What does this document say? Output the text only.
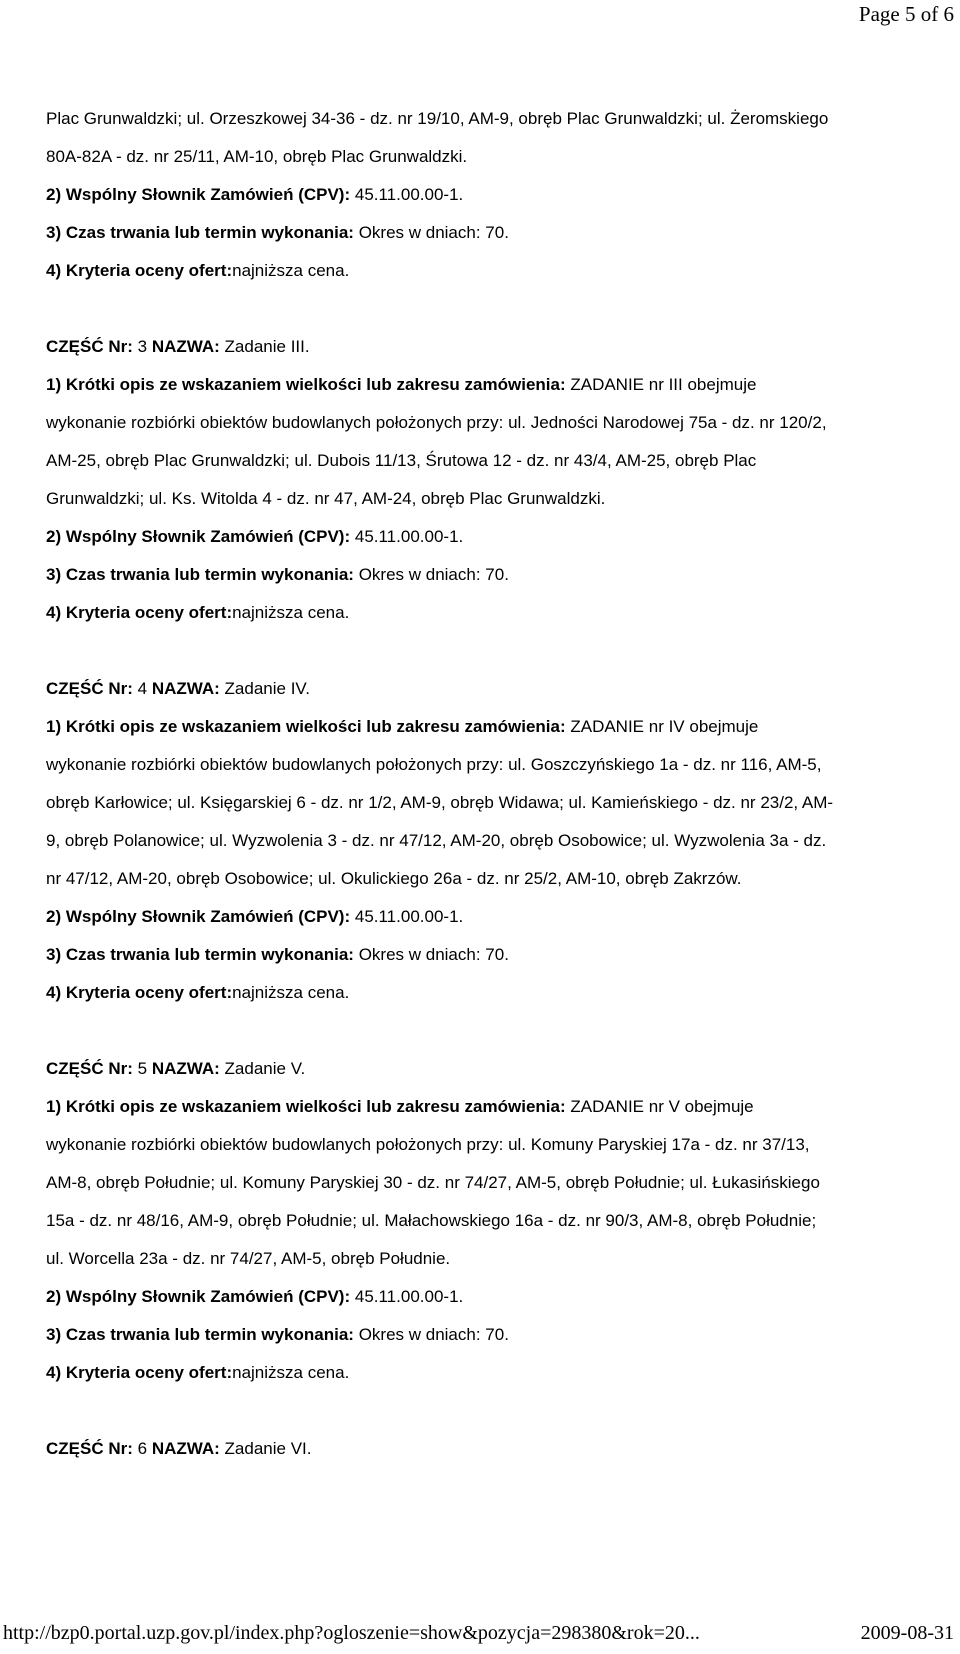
Page 5 of 6
Plac Grunwaldzki; ul. Orzeszkowej 34-36 - dz. nr 19/10, AM-9, obręb Plac Grunwaldzki; ul. Żeromskiego
80A-82A - dz. nr 25/11, AM-10, obręb Plac Grunwaldzki.
2) Wspólny Słownik Zamówień (CPV): 45.11.00.00-1.
3) Czas trwania lub termin wykonania: Okres w dniach: 70.
4) Kryteria oceny ofert:najniższa cena.
CZĘŚĆ Nr: 3 NAZWA: Zadanie III.
1) Krótki opis ze wskazaniem wielkości lub zakresu zamówienia: ZADANIE nr III obejmuje
wykonanie rozbiórki obiektów budowlanych położonych przy: ul. Jedności Narodowej 75a - dz. nr 120/2,
AM-25, obręb Plac Grunwaldzki; ul. Dubois 11/13, Śrutowa 12 - dz. nr 43/4, AM-25, obręb Plac
Grunwaldzki; ul. Ks. Witolda 4 - dz. nr 47, AM-24, obręb Plac Grunwaldzki.
2) Wspólny Słownik Zamówień (CPV): 45.11.00.00-1.
3) Czas trwania lub termin wykonania: Okres w dniach: 70.
4) Kryteria oceny ofert:najniższa cena.
CZĘŚĆ Nr: 4 NAZWA: Zadanie IV.
1) Krótki opis ze wskazaniem wielkości lub zakresu zamówienia: ZADANIE nr IV obejmuje
wykonanie rozbiórki obiektów budowlanych położonych przy: ul. Goszczyńskiego 1a - dz. nr 116, AM-5,
obręb Karłowice; ul. Księgarskiej 6 - dz. nr 1/2, AM-9, obręb Widawa; ul. Kamieńskiego - dz. nr 23/2, AM-
9, obręb Polanowice; ul. Wyzwolenia 3 - dz. nr 47/12, AM-20, obręb Osobowice; ul. Wyzwolenia 3a - dz.
nr 47/12, AM-20, obręb Osobowice; ul. Okulickiego 26a - dz. nr 25/2, AM-10, obręb Zakrzów.
2) Wspólny Słownik Zamówień (CPV): 45.11.00.00-1.
3) Czas trwania lub termin wykonania: Okres w dniach: 70.
4) Kryteria oceny ofert:najniższa cena.
CZĘŚĆ Nr: 5 NAZWA: Zadanie V.
1) Krótki opis ze wskazaniem wielkości lub zakresu zamówienia: ZADANIE nr V obejmuje
wykonanie rozbiórki obiektów budowlanych położonych przy: ul. Komuny Paryskiej 17a - dz. nr 37/13,
AM-8, obręb Południe; ul. Komuny Paryskiej 30 - dz. nr 74/27, AM-5, obręb Południe; ul. Łukasińskiego
15a - dz. nr 48/16, AM-9, obręb Południe; ul. Małachowskiego 16a - dz. nr 90/3, AM-8, obręb Południe;
ul. Worcella 23a - dz. nr 74/27, AM-5, obręb Południe.
2) Wspólny Słownik Zamówień (CPV): 45.11.00.00-1.
3) Czas trwania lub termin wykonania: Okres w dniach: 70.
4) Kryteria oceny ofert:najniższa cena.
CZĘŚĆ Nr: 6 NAZWA: Zadanie VI.
http://bzp0.portal.uzp.gov.pl/index.php?ogloszenie=show&pozycja=298380&rok=20...	2009-08-31
